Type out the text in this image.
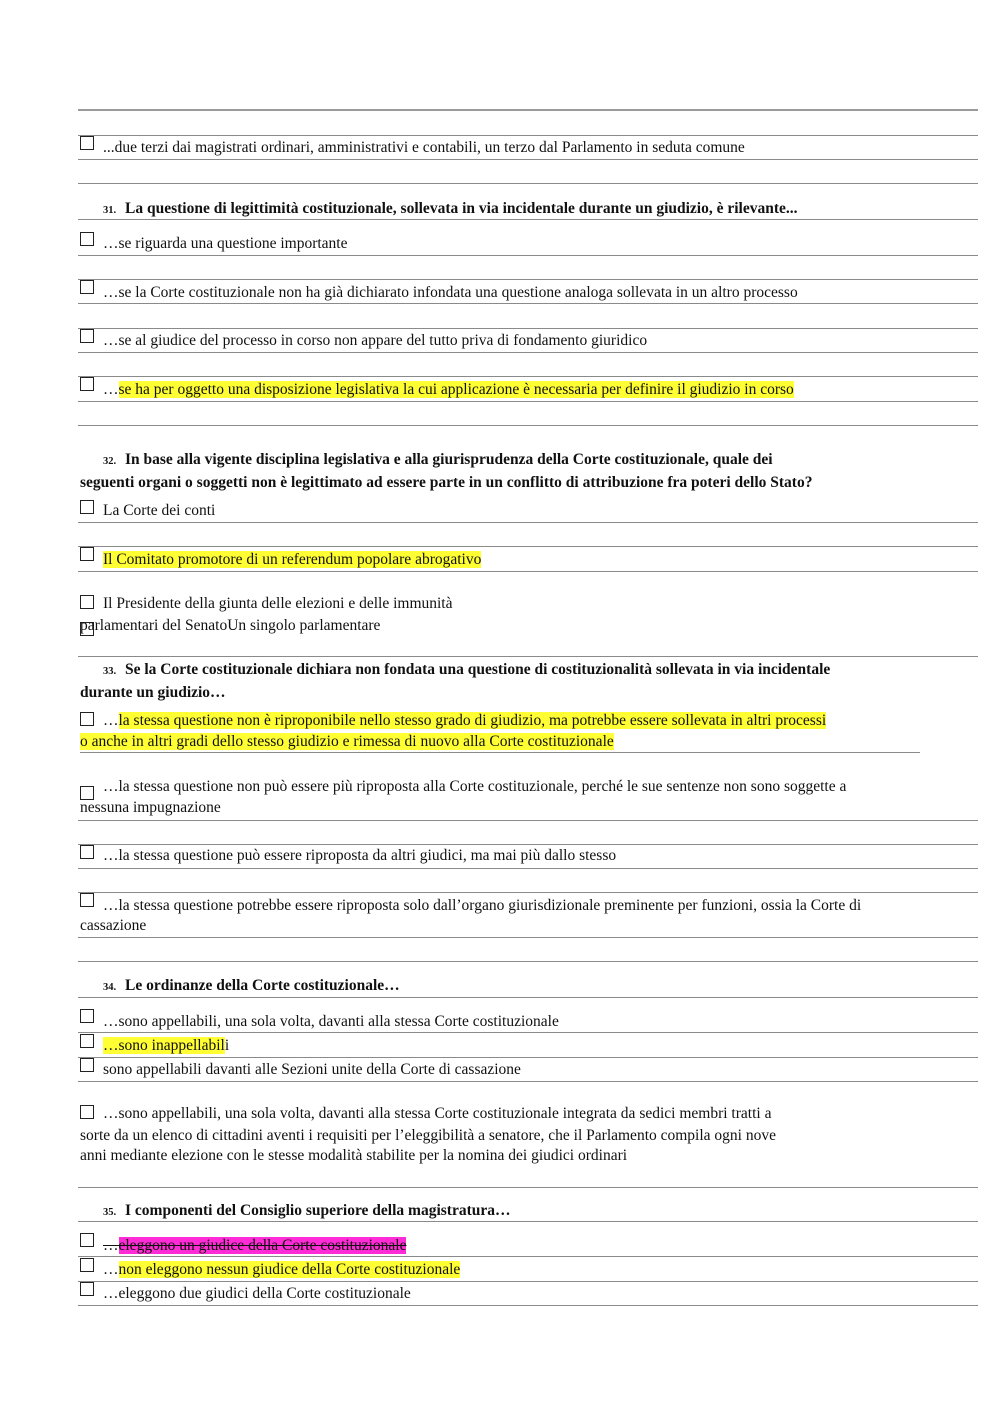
...due terzi dai magistrati ordinari, amministrativi e contabili, un terzo dal Parlamento in seduta comune
31. La questione di legittimità costituzionale, sollevata in via incidentale durante un giudizio, è rilevante...
…se riguarda una questione importante
…se la Corte costituzionale non ha già dichiarato infondata una questione analoga sollevata in un altro processo
…se al giudice del processo in corso non appare del tutto priva di fondamento giuridico
…se ha per oggetto una disposizione legislativa la cui applicazione è necessaria per definire il giudizio in corso
32. In base alla vigente disciplina legislativa e alla giurisprudenza della Corte costituzionale, quale dei
seguenti organi o soggetti non è legittimato ad essere parte in un conflitto di attribuzione fra poteri dello Stato?
La Corte dei conti
Il Comitato promotore di un referendum popolare abrogativo
Il Presidente della giunta delle elezioni e delle immunità
parlamentari del SenatoUn singolo parlamentare
33. Se la Corte costituzionale dichiara non fondata una questione di costituzionalità sollevata in via incidentale
durante un giudizio…
…la stessa questione non è riproponibile nello stesso grado di giudizio, ma potrebbe essere sollevata in altri processi
o anche in altri gradi dello stesso giudizio e rimessa di nuovo alla Corte costituzionale
…la stessa questione non può essere più riproposta alla Corte costituzionale, perché le sue sentenze non sono soggette a
nessuna impugnazione
…la stessa questione può essere riproposta da altri giudici, ma mai più dallo stesso
…la stessa questione potrebbe essere riproposta solo dall’organo giurisdizionale preminente per funzioni, ossia la Corte di
cassazione
34. Le ordinanze della Corte costituzionale…
…sono appellabili, una sola volta, davanti alla stessa Corte costituzionale
…sono inappellabili
sono appellabili davanti alle Sezioni unite della Corte di cassazione
…sono appellabili, una sola volta, davanti alla stessa Corte costituzionale integrata da sedici membri tratti a
sorte da un elenco di cittadini aventi i requisiti per l’eleggibilità a senatore, che il Parlamento compila ogni nove
anni mediante elezione con le stesse modalità stabilite per la nomina dei giudici ordinari
35. I componenti del Consiglio superiore della magistratura…
…eleggono un giudice della Corte costituzionale
…non eleggono nessun giudice della Corte costituzionale
…eleggono due giudici della Corte costituzionale
